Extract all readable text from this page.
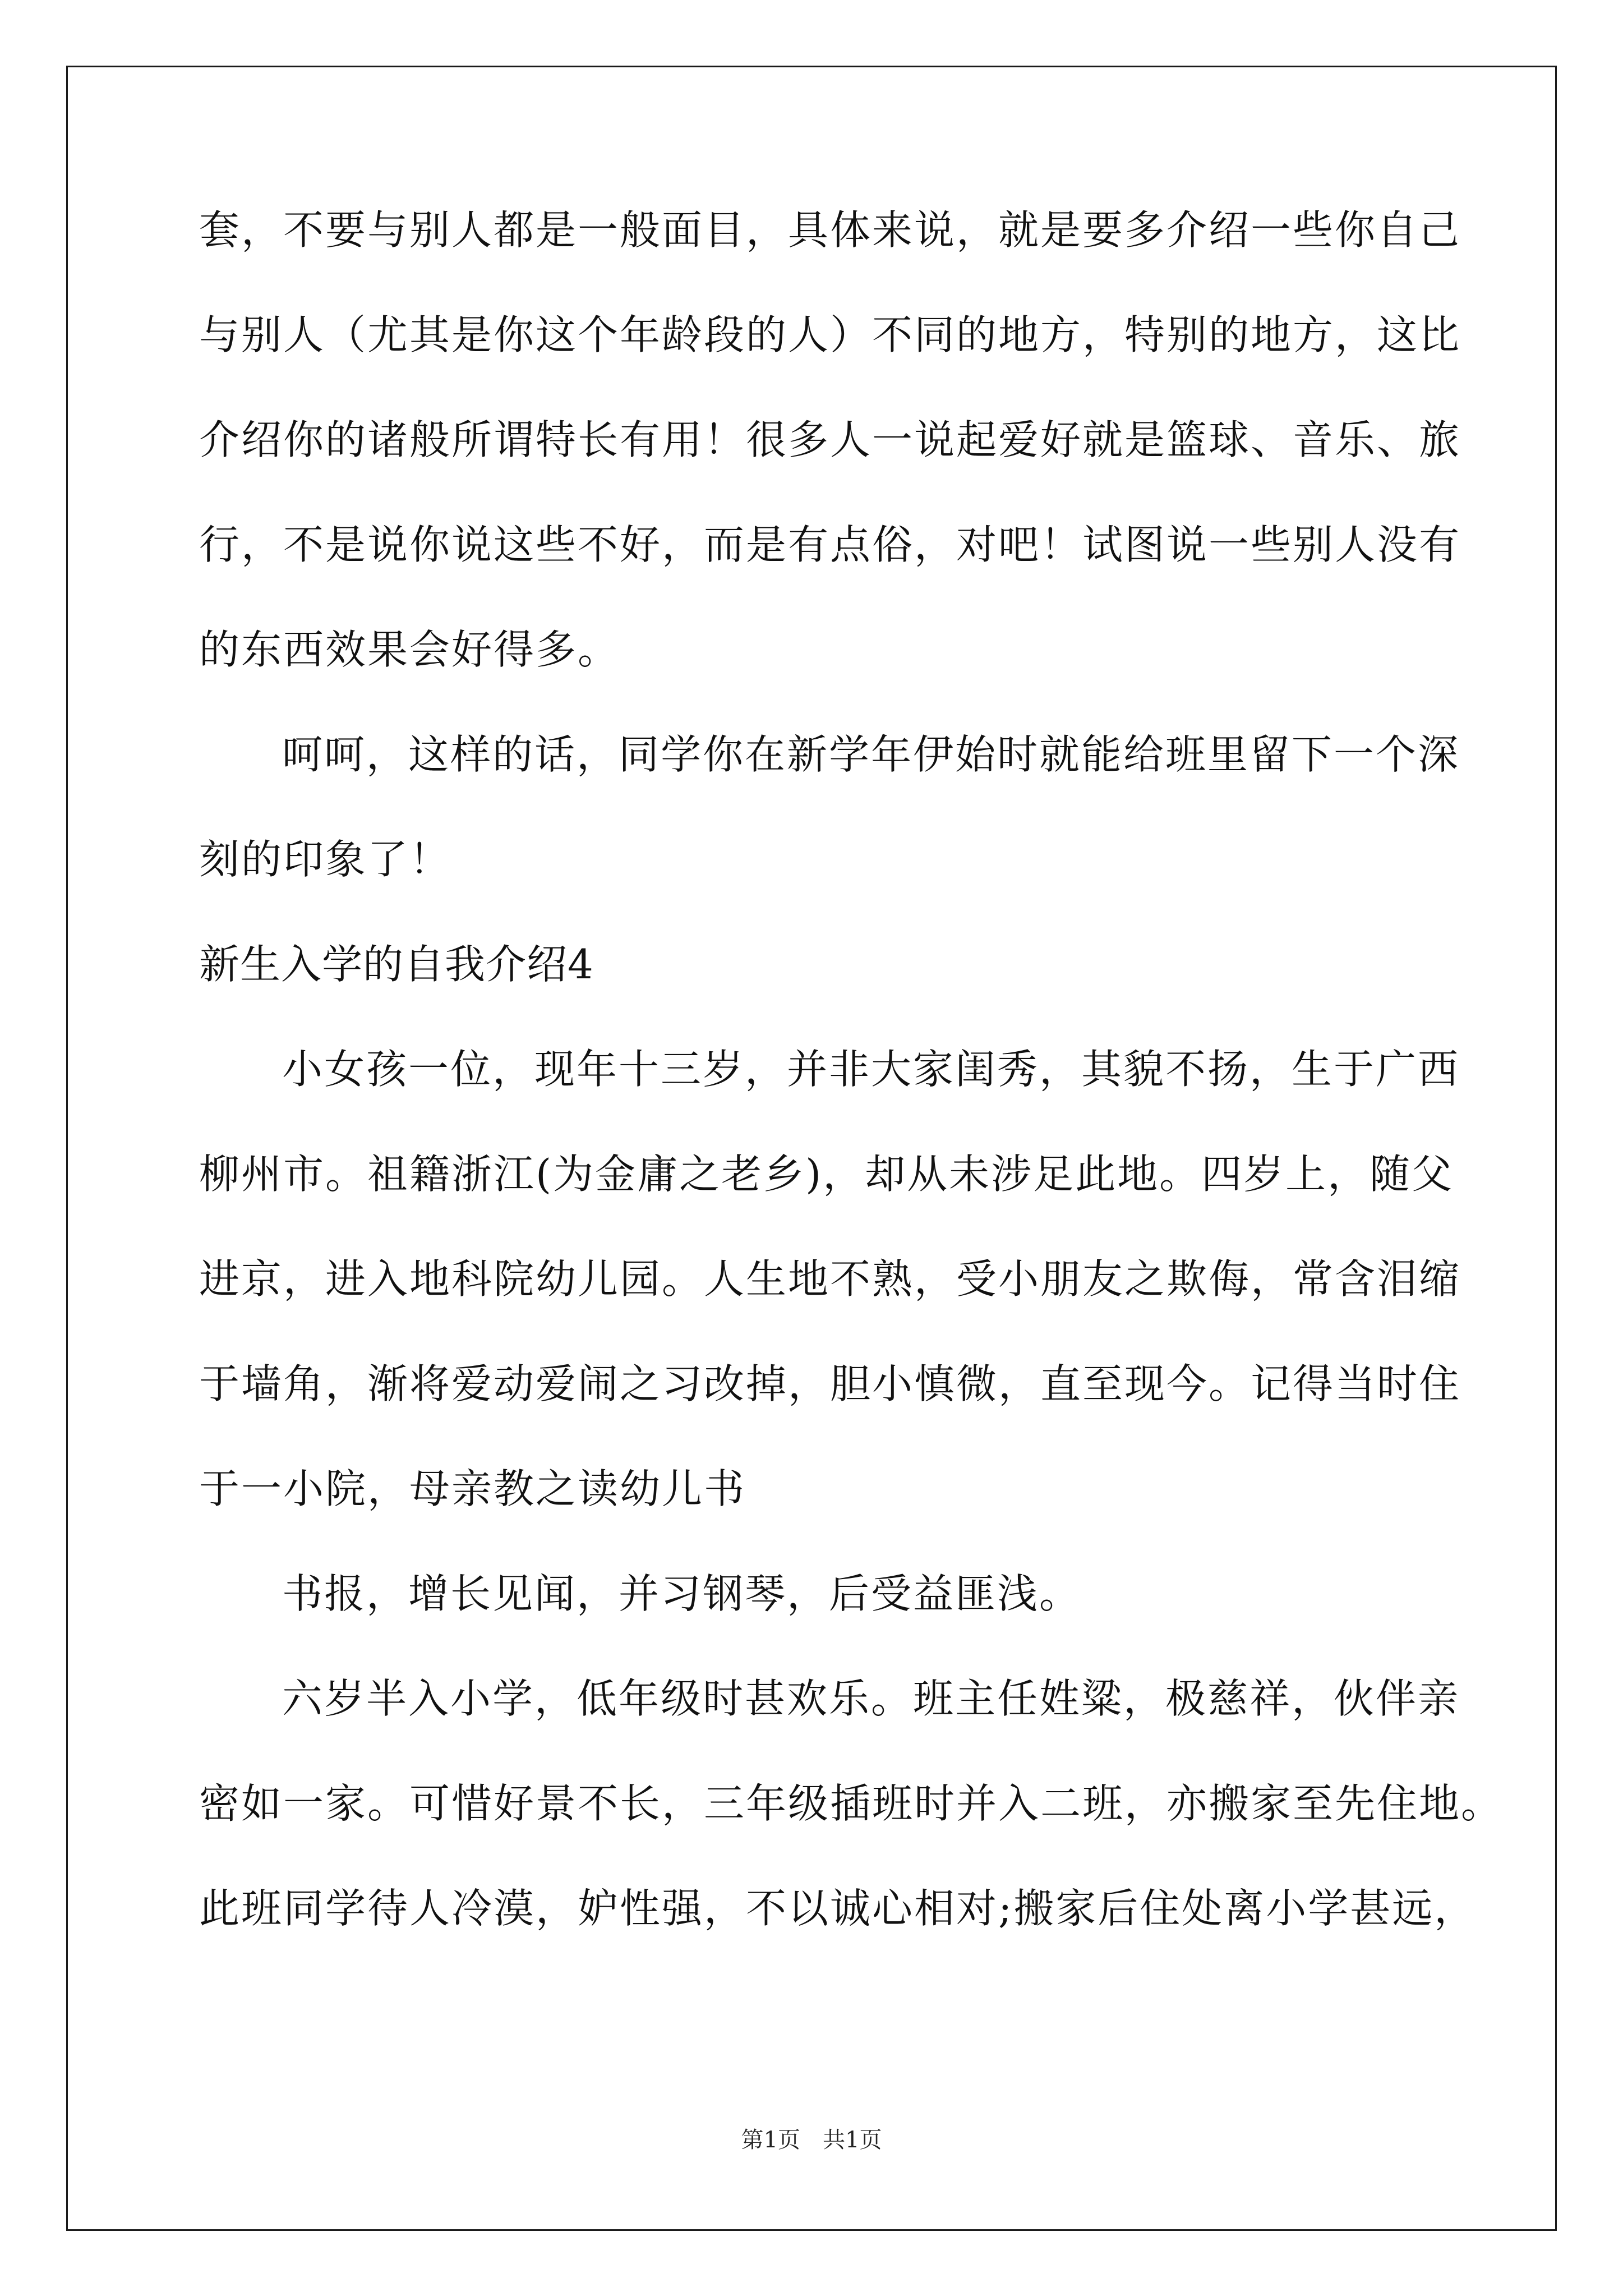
套，不要与别人都是一般面目，具体来说，就是要多介绍一些你自己
与别人（尤其是你这个年龄段的人）不同的地方，特别的地方，这比
介绍你的诸般所谓特长有用！很多人一说起爱好就是篮球、音乐、旅
行，不是说你说这些不好，而是有点俗，对吧！试图说一些别人没有
的东西效果会好得多。
呵呵，这样的话，同学你在新学年伊始时就能给班里留下一个深
刻的印象了！
新生入学的自我介绍4
小女孩一位，现年十三岁，并非大家闺秀，其貌不扬，生于广西
柳州市。祖籍浙江(为金庸之老乡)，却从未涉足此地。四岁上，随父
进京，进入地科院幼儿园。人生地不熟，受小朋友之欺侮，常含泪缩
于墙角，渐将爱动爱闹之习改掉，胆小慎微，直至现今。记得当时住
于一小院，母亲教之读幼儿书
书报，增长见闻，并习钢琴，后受益匪浅。
六岁半入小学，低年级时甚欢乐。班主任姓粱，极慈祥，伙伴亲
密如一家。可惜好景不长，三年级插班时并入二班，亦搬家至先住地。
此班同学待人冷漠，妒性强，不以诚心相对;搬家后住处离小学甚远，
第1页　共1页
